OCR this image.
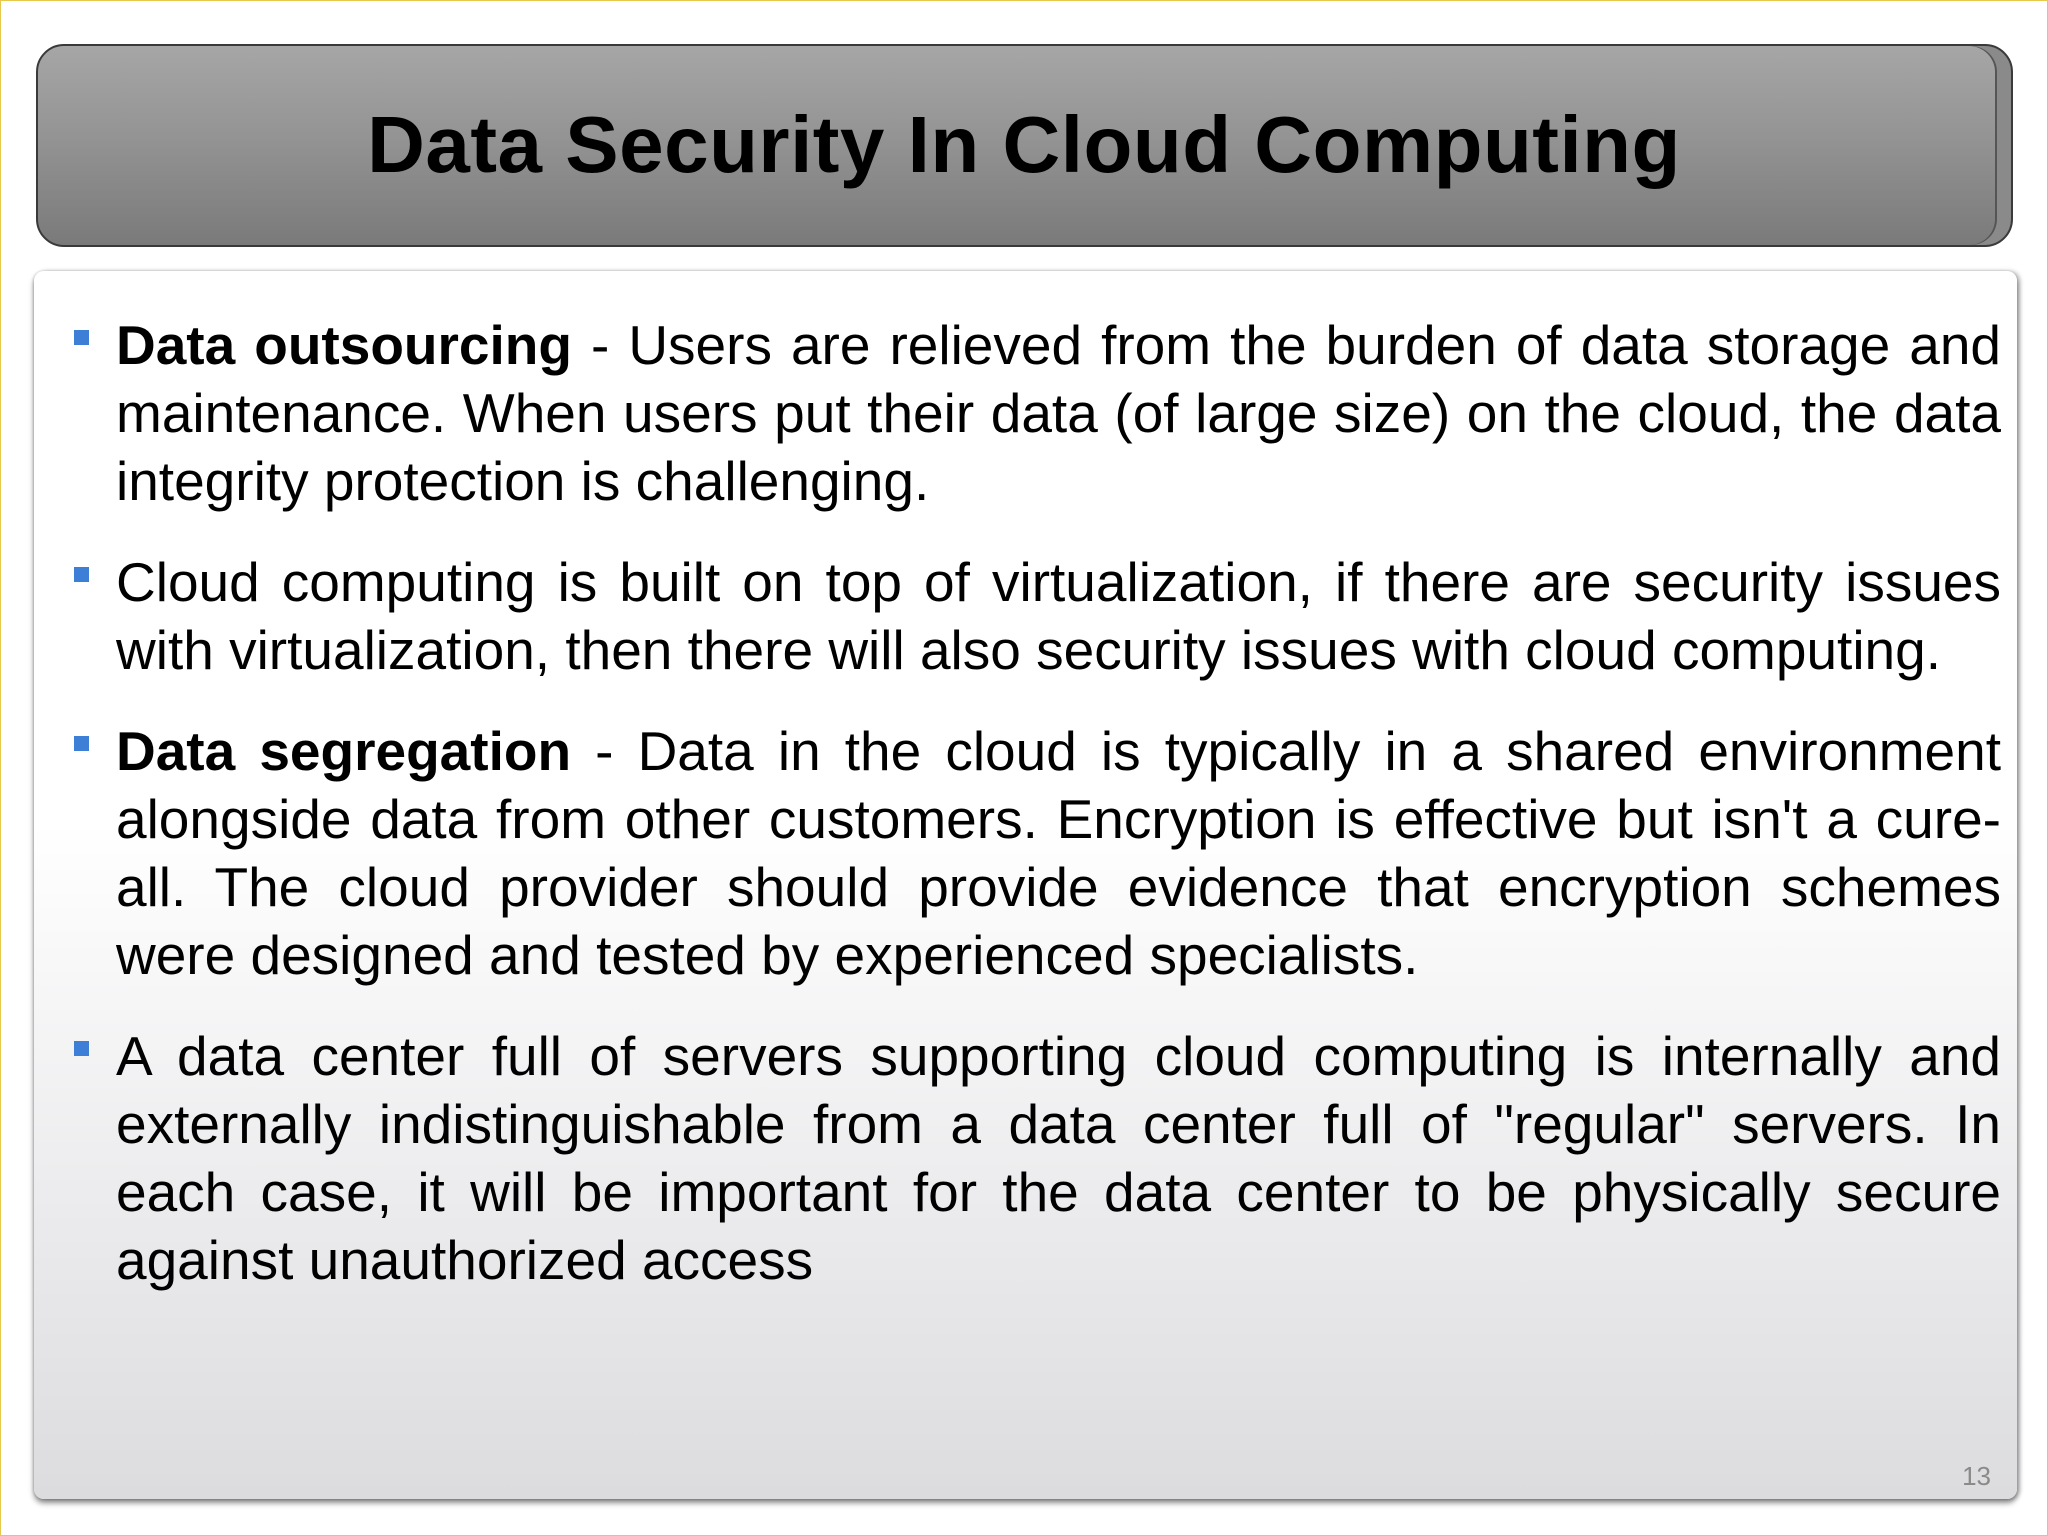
Data Security In Cloud Computing
Data outsourcing - Users are relieved from the burden of data storage and maintenance. When users put their data (of large size) on the cloud, the data integrity protection is challenging.
Cloud computing is built on top of virtualization, if there are security issues with virtualization, then there will also security issues with cloud computing.
Data segregation - Data in the cloud is typically in a shared environment alongside data from other customers. Encryption is effective but isn't a cure-all. The cloud provider should provide evidence that encryption schemes were designed and tested by experienced specialists.
A data center full of servers supporting cloud computing is internally and externally indistinguishable from a data center full of "regular" servers. In each case, it will be important for the data center to be physically secure against unauthorized access
13
